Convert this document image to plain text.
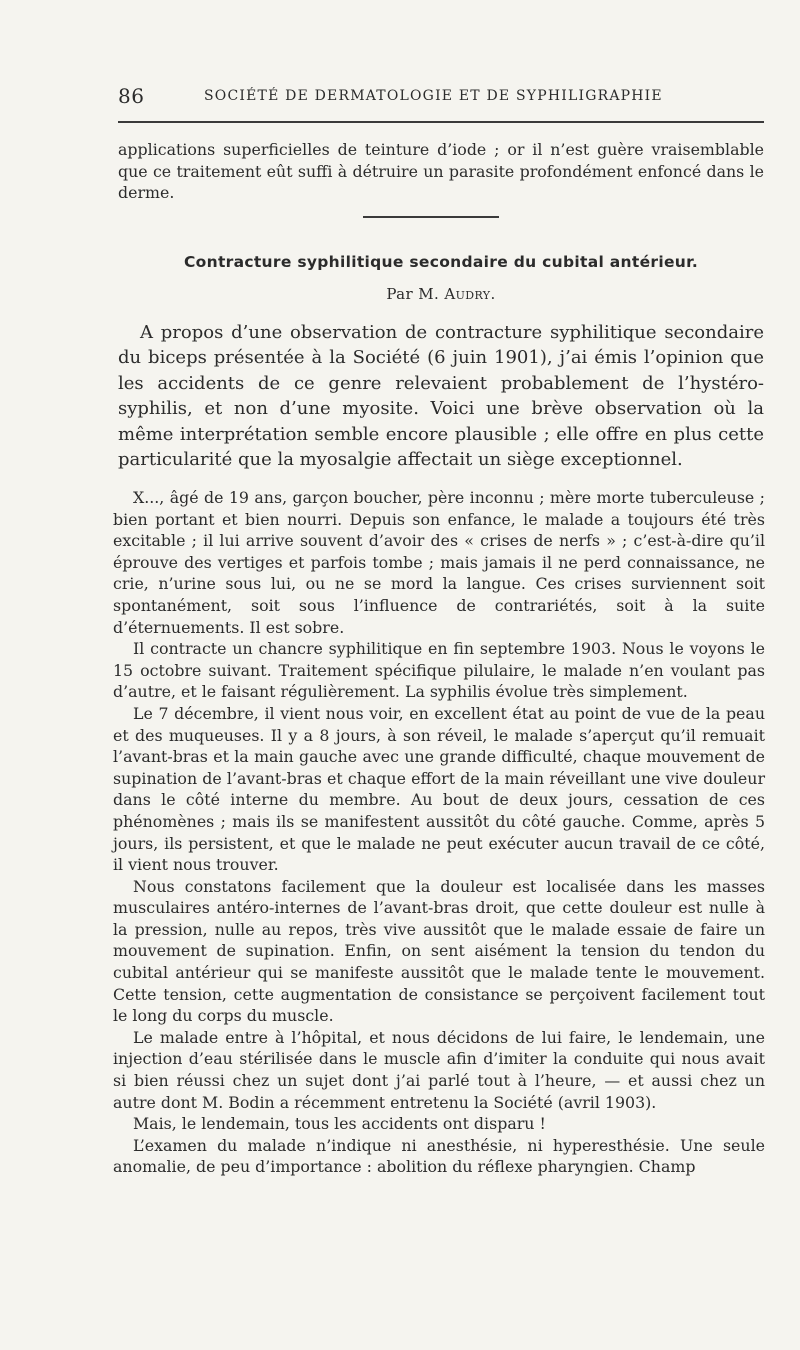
86	SOCIÉTÉ DE DERMATOLOGIE ET DE SYPHILIGRAPHIE

applications superficielles de teinture d’iode ; or il n’est guère vraisemblable que ce traitement eût suffi à détruire un parasite profondément enfoncé dans le derme.

Contracture syphilitique secondaire du cubital antérieur.
Par M. Audry.

A propos d’une observation de contracture syphilitique secondaire du biceps présentée à la Société (6 juin 1901), j’ai émis l’opinion que les accidents de ce genre relevaient probablement de l’hystéro-syphilis, et non d’une myosite. Voici une brève observation où la même interprétation semble encore plausible ; elle offre en plus cette particularité que la myosalgie affectait un siège exceptionnel.

X..., âgé de 19 ans, garçon boucher, père inconnu ; mère morte tuberculeuse ; bien portant et bien nourri. Depuis son enfance, le malade a toujours été très excitable ; il lui arrive souvent d’avoir des « crises de nerfs » ; c’est-à-dire qu’il éprouve des vertiges et parfois tombe ; mais jamais il ne perd connaissance, ne crie, n’urine sous lui, ou ne se mord la langue. Ces crises surviennent soit spontanément, soit sous l’influence de contrariétés, soit à la suite d’éternuements. Il est sobre.

Il contracte un chancre syphilitique en fin septembre 1903. Nous le voyons le 15 octobre suivant. Traitement spécifique pilulaire, le malade n’en voulant pas d’autre, et le faisant régulièrement. La syphilis évolue très simplement.

Le 7 décembre, il vient nous voir, en excellent état au point de vue de la peau et des muqueuses. Il y a 8 jours, à son réveil, le malade s’aperçut qu’il remuait l’avant-bras et la main gauche avec une grande difficulté, chaque mouvement de supination de l’avant-bras et chaque effort de la main réveillant une vive douleur dans le côté interne du membre. Au bout de deux jours, cessation de ces phénomènes ; mais ils se manifestent aussitôt du côté gauche. Comme, après 5 jours, ils persistent, et que le malade ne peut exécuter aucun travail de ce côté, il vient nous trouver.

Nous constatons facilement que la douleur est localisée dans les masses musculaires antéro-internes de l’avant-bras droit, que cette douleur est nulle à la pression, nulle au repos, très vive aussitôt que le malade essaie de faire un mouvement de supination. Enfin, on sent aisément la tension du tendon du cubital antérieur qui se manifeste aussitôt que le malade tente le mouvement. Cette tension, cette augmentation de consistance se perçoivent facilement tout le long du corps du muscle.

Le malade entre à l’hôpital, et nous décidons de lui faire, le lendemain, une injection d’eau stérilisée dans le muscle afin d’imiter la conduite qui nous avait si bien réussi chez un sujet dont j’ai parlé tout à l’heure, — et aussi chez un autre dont M. Bodin a récemment entretenu la Société (avril 1903).

Mais, le lendemain, tous les accidents ont disparu !

L’examen du malade n’indique ni anesthésie, ni hyperesthésie. Une seule anomalie, de peu d’importance : abolition du réflexe pharyngien. Champ
